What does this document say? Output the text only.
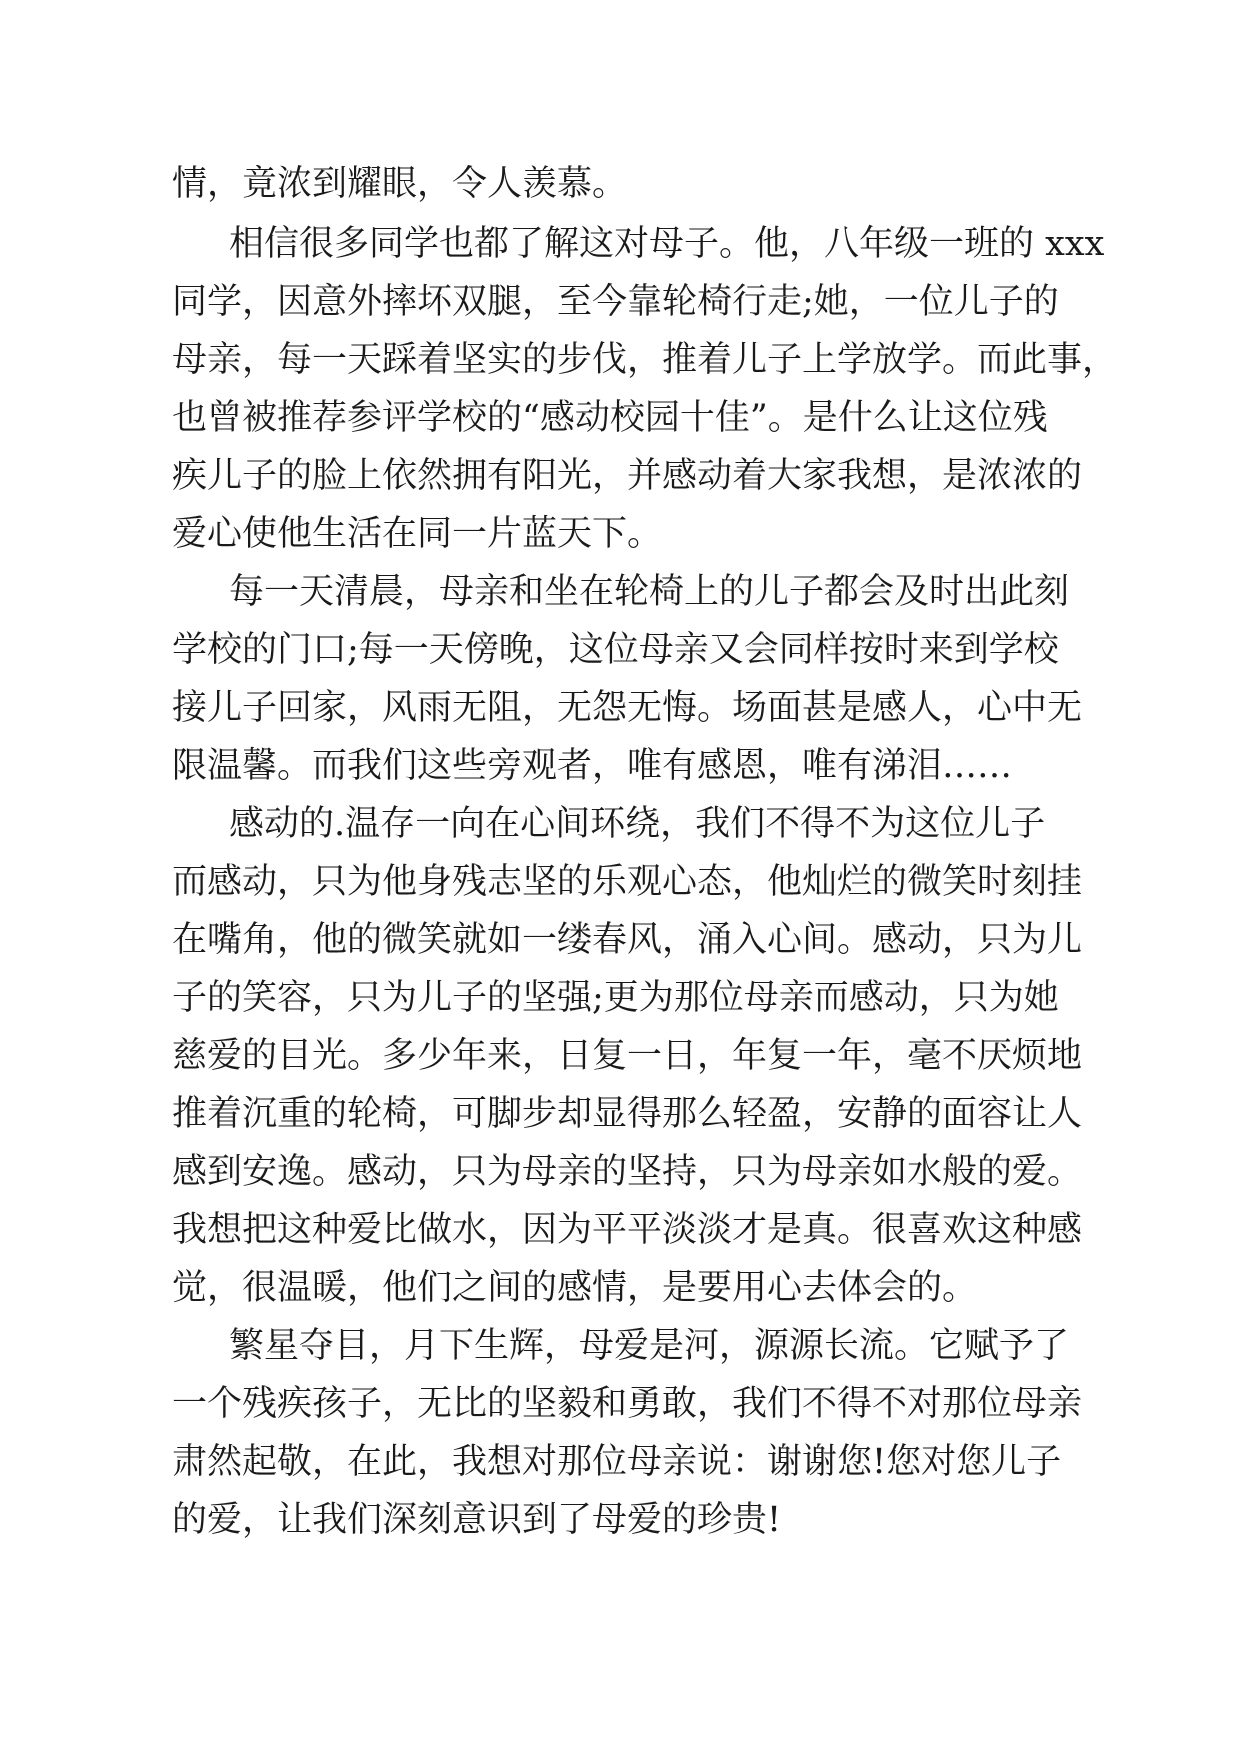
情，竟浓到耀眼，令人羡慕。
相信很多同学也都了解这对母子。他，八年级一班的 xxx
同学，因意外摔坏双腿，至今靠轮椅行走;她，一位儿子的
母亲，每一天踩着坚实的步伐，推着儿子上学放学。而此事，
也曾被推荐参评学校的“感动校园十佳”。是什么让这位残
疾儿子的脸上依然拥有阳光，并感动着大家我想，是浓浓的
爱心使他生活在同一片蓝天下。
每一天清晨，母亲和坐在轮椅上的儿子都会及时出此刻
学校的门口;每一天傍晚，这位母亲又会同样按时来到学校
接儿子回家，风雨无阻，无怨无悔。场面甚是感人，心中无
限温馨。而我们这些旁观者，唯有感恩，唯有涕泪……
感动的.温存一向在心间环绕，我们不得不为这位儿子
而感动，只为他身残志坚的乐观心态，他灿烂的微笑时刻挂
在嘴角，他的微笑就如一缕春风，涌入心间。感动，只为儿
子的笑容，只为儿子的坚强;更为那位母亲而感动，只为她
慈爱的目光。多少年来，日复一日，年复一年，毫不厌烦地
推着沉重的轮椅，可脚步却显得那么轻盈，安静的面容让人
感到安逸。感动，只为母亲的坚持，只为母亲如水般的爱。
我想把这种爱比做水，因为平平淡淡才是真。很喜欢这种感
觉，很温暖，他们之间的感情，是要用心去体会的。
繁星夺目，月下生辉，母爱是河，源源长流。它赋予了
一个残疾孩子，无比的坚毅和勇敢，我们不得不对那位母亲
肃然起敬，在此，我想对那位母亲说：谢谢您!您对您儿子
的爱，让我们深刻意识到了母爱的珍贵!
